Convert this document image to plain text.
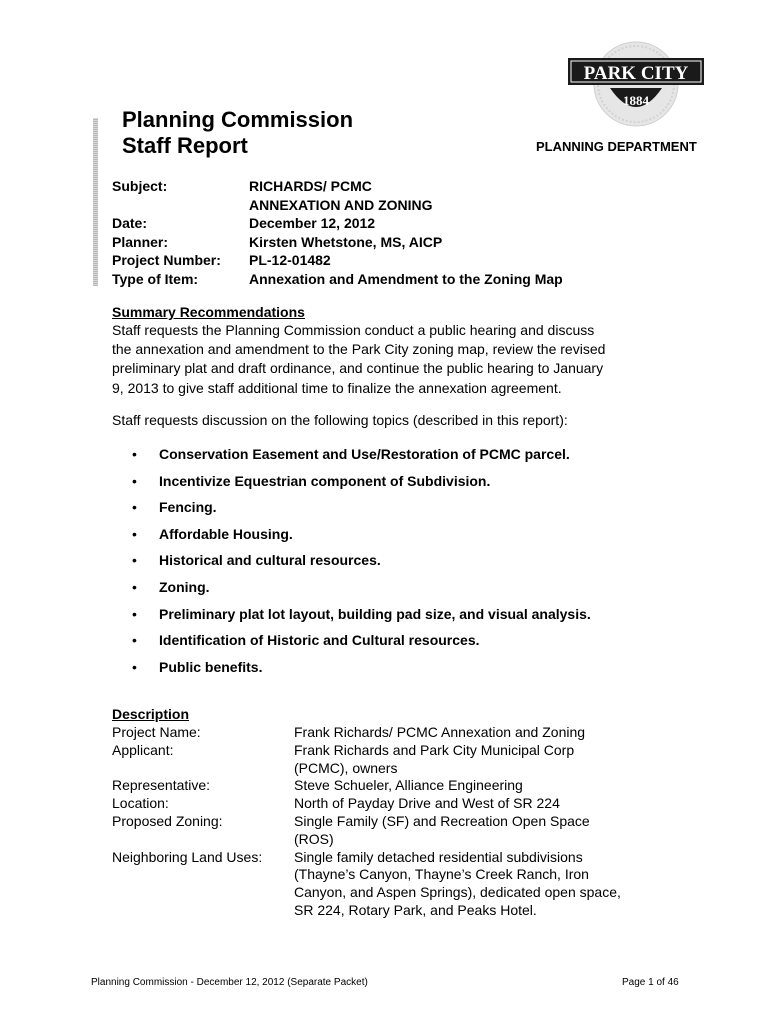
PARK CITY
1884
Planning Commission
Staff Report	PLANNING DEPARTMENT
Subject:	RICHARDS/ PCMC
ANNEXATION AND ZONING
Date:	December 12, 2012
Planner:	Kirsten Whetstone, MS, AICP
Project Number:	PL-12-01482
Type of Item:	Annexation and Amendment to the Zoning Map
Summary Recommendations
Staff requests the Planning Commission conduct a public hearing and discuss
the annexation and amendment to the Park City zoning map, review the revised
preliminary plat and draft ordinance, and continue the public hearing to January
9, 2013 to give staff additional time to finalize the annexation agreement.
Staff requests discussion on the following topics (described in this report):
•	Conservation Easement and Use/Restoration of PCMC parcel.
•	Incentivize Equestrian component of Subdivision.
•	Fencing.
•	Affordable Housing.
•	Historical and cultural resources.
•	Zoning.
•	Preliminary plat lot layout, building pad size, and visual analysis.
•	Identification of Historic and Cultural resources.
•	Public benefits.
Description
Project Name:	Frank Richards/ PCMC Annexation and Zoning
Applicant:	Frank Richards and Park City Municipal Corp
(PCMC), owners
Representative:	Steve Schueler, Alliance Engineering
Location:	North of Payday Drive and West of SR 224
Proposed Zoning:	Single Family (SF) and Recreation Open Space
(ROS)
Neighboring Land Uses:	Single family detached residential subdivisions
(Thayne’s Canyon, Thayne’s Creek Ranch, Iron
Canyon, and Aspen Springs), dedicated open space,
SR 224, Rotary Park, and Peaks Hotel.
Planning Commission - December 12, 2012 (Separate Packet)	Page 1 of 46
